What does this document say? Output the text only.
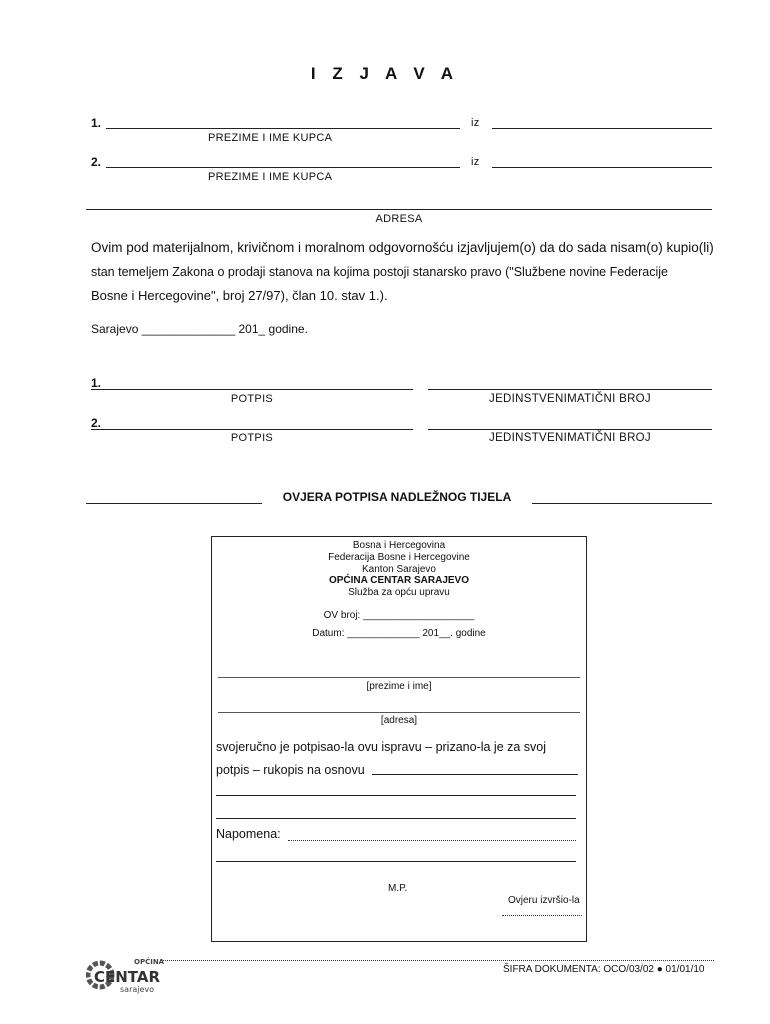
I Z J A V A
1.	iz
PREZIME I IME KUPCA
2.	iz
PREZIME I IME KUPCA
ADRESA
Ovim pod materijalnom, krivičnom i moralnom odgovornošću izjavljujem(o) da do sada nisam(o) kupio(li)
stan temeljem Zakona o prodaji stanova na kojima postoji stanarsko pravo ("Službene novine Federacije
Bosne i Hercegovine", broj 27/97), član 10. stav 1.).
Sarajevo ______________ 201_ godine.
1.
POTPIS	JEDINSTVENIMATIČNI BROJ
2.
POTPIS	JEDINSTVENIMATIČNI BROJ
OVJERA POTPISA NADLEŽNOG TIJELA
Bosna i Hercegovina
Federacija Bosne i Hercegovine
Kanton Sarajevo
OPĆINA CENTAR SARAJEVO
Služba za opću upravu
OV broj: ____________________
Datum: _____________ 201__. godine
[prezime i ime]
[adresa]
svojeručno je potpisao-la ovu ispravu – prizano-la je za svoj
potpis – rukopis na osnovu
Napomena:
M.P.
Ovjeru izvršio-la
ŠIFRA DOKUMENTA: OCO/03/02 ● 01/01/10
OPĆINA
CENTAR
sarajevo
